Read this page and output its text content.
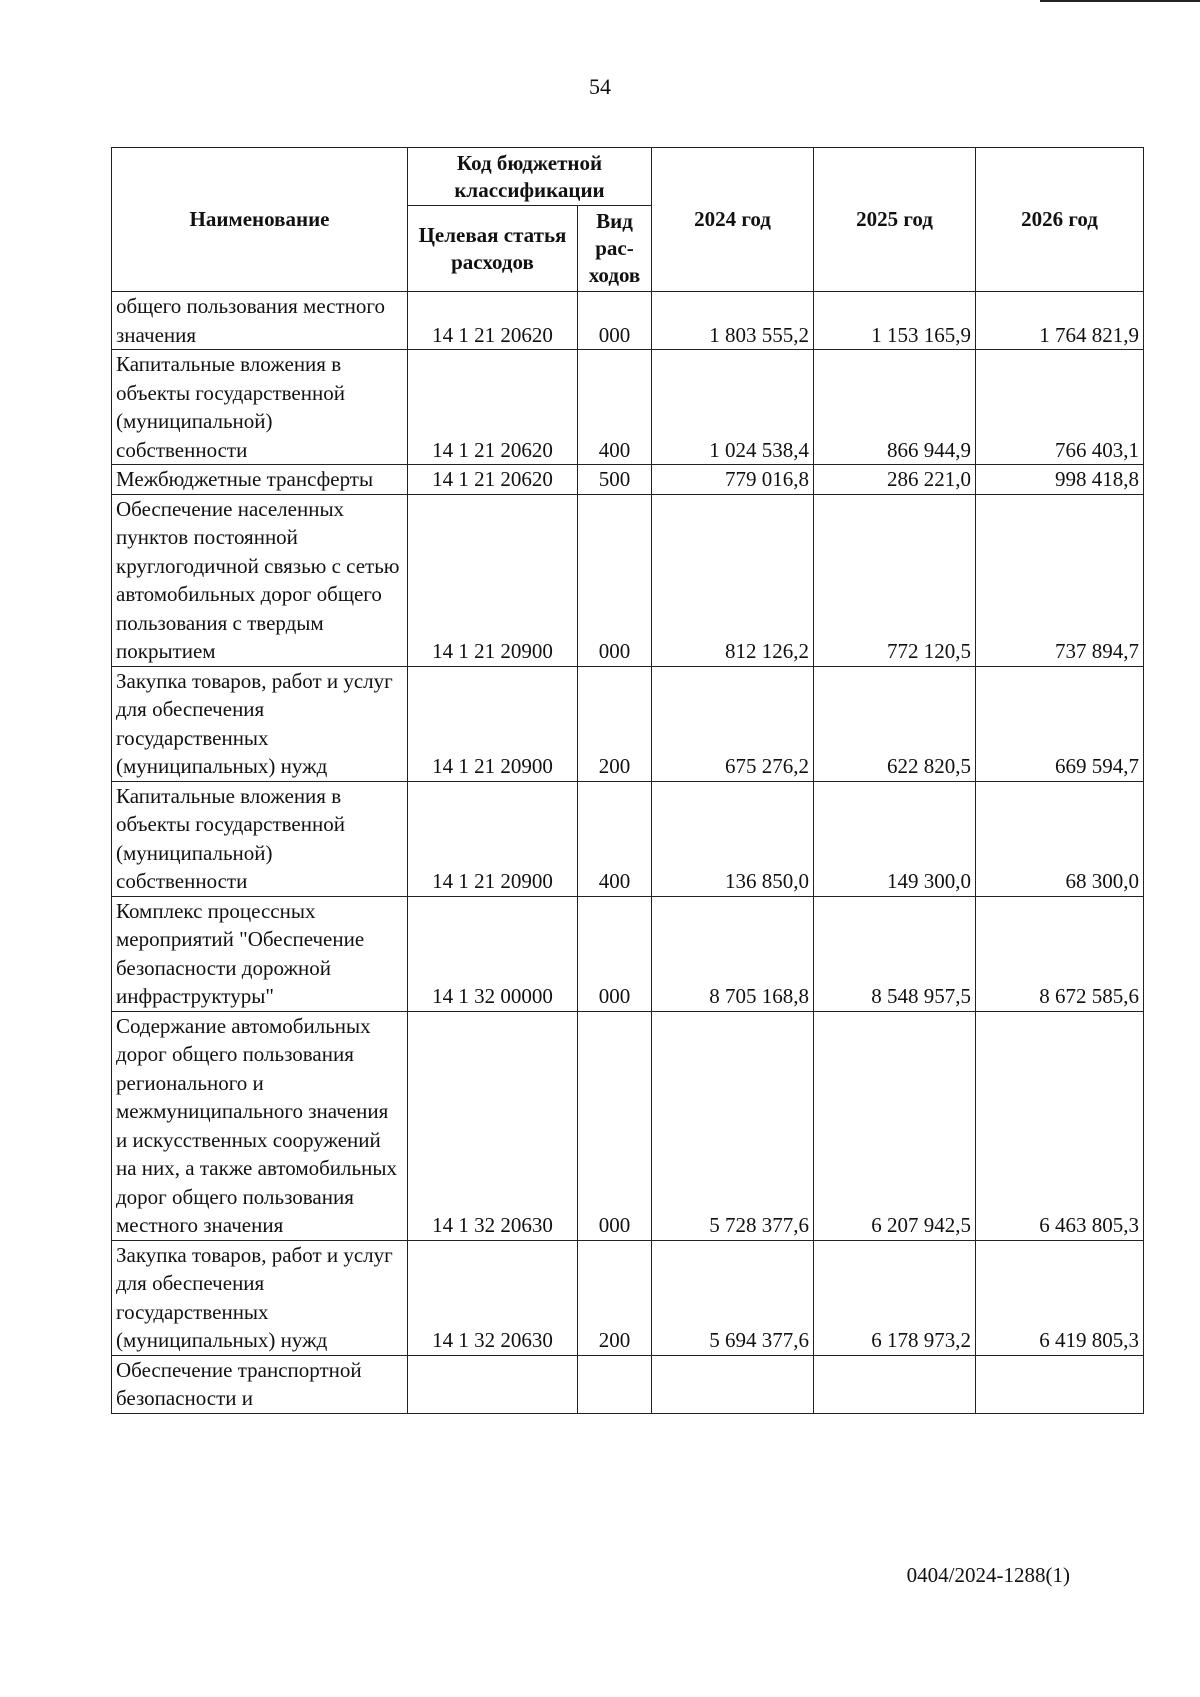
54
Наименование	Код бюджетной классификации		2024 год	2025 год	2026 год
	Целевая статья расходов	Вид рас-ходов			
общего пользования местного значения	14 1 21 20620	000	1 803 555,2	1 153 165,9	1 764 821,9
Капитальные вложения в объекты государственной (муниципальной) собственности	14 1 21 20620	400	1 024 538,4	866 944,9	766 403,1
Межбюджетные трансферты	14 1 21 20620	500	779 016,8	286 221,0	998 418,8
Обеспечение населенных пунктов постоянной круглогодичной связью с сетью автомобильных дорог общего пользования с твердым покрытием	14 1 21 20900	000	812 126,2	772 120,5	737 894,7
Закупка товаров, работ и услуг для обеспечения государственных (муниципальных) нужд	14 1 21 20900	200	675 276,2	622 820,5	669 594,7
Капитальные вложения в объекты государственной (муниципальной) собственности	14 1 21 20900	400	136 850,0	149 300,0	68 300,0
Комплекс процессных мероприятий "Обеспечение безопасности дорожной инфраструктуры"	14 1 32 00000	000	8 705 168,8	8 548 957,5	8 672 585,6
Содержание автомобильных дорог общего пользования регионального и межмуниципального значения и искусственных сооружений на них, а также автомобильных дорог общего пользования местного значения	14 1 32 20630	000	5 728 377,6	6 207 942,5	6 463 805,3
Закупка товаров, работ и услуг для обеспечения государственных (муниципальных) нужд	14 1 32 20630	200	5 694 377,6	6 178 973,2	6 419 805,3
Обеспечение транспортной безопасности и					
0404/2024-1288(1)
